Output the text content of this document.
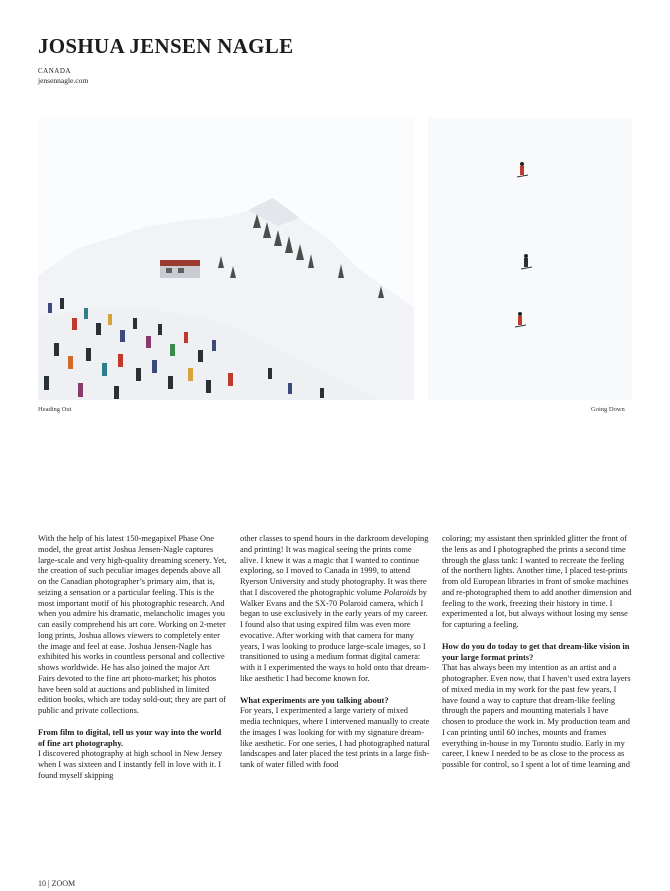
JOSHUA JENSEN NAGLE
CANADA
jensennagle.com
Heading Out	Going Down

With the help of his latest 150-megapixel Phase One model, the great artist Joshua Jensen-Nagle captures large-scale and very high-quality dreaming scenery. Yet, the creation of such peculiar images depends above all on the Canadian photographer’s primary aim, that is, seizing a sensation or a particular feeling. This is the most important motif of his photographic research. And when you admire his dramatic, melancholic images you can easily comprehend his art core. Working on 2-meter long prints, Joshua allows viewers to completely enter the image and feel at ease. Joshua Jensen-Nagle has exhibited his works in countless personal and collective shows worldwide. He has also joined the major Art Fairs devoted to the fine art photo-market; his photos have been sold at auctions and published in limited edition books, which are today sold-out; they are part of public and private collections.

From film to digital, tell us your way into the world of fine art photography.

I discovered photography at high school in New Jersey when I was sixteen and I instantly fell in love with it. I found myself skipping

other classes to spend hours in the darkroom developing and printing! It was magical seeing the prints come alive. I knew it was a magic that I wanted to continue exploring, so I moved to Canada in 1999, to attend Ryerson University and study photography. It was there that I discovered the photographic volume Polaroids by Walker Evans and the SX-70 Polaroid camera, which I began to use exclusively in the early years of my career. I found also that using expired film was even more evocative. After working with that camera for many years, I was looking to produce large-scale images, so I transitioned to using a medium format digital camera: with it I experimented the ways to hold onto that dream-like aesthetic I had become known for.

What experiments are you talking about?

For years, I experimented a large variety of mixed media techniques, where I intervened manually to create the images I was looking for with my signature dream-like aesthetic. For one series, I had photographed natural landscapes and later placed the test prints in a large fish-tank of water filled with food

coloring; my assistant then sprinkled glitter the front of the lens as and I photographed the prints a second time through the glass tank: I wanted to recreate the feeling of the northern lights. Another time, I placed test-prints from old European libraries in front of smoke machines and re-photographed them to add another dimension and feeling to the work, freezing their history in time. I experimented a lot, but always without losing my sense for capturing a feeling.

How do you do today to get that dream-like vision in your large format prints?

That has always been my intention as an artist and a photographer. Even now, that I haven’t used extra layers of mixed media in my work for the past few years, I have found a way to capture that dream-like feeling through the papers and mounting materials I have chosen to produce the work in. My production team and I can printing until 60 inches, mounts and frames everything in-house in my Toronto studio. Early in my career, I knew I needed to be as close to the process as possible for control, so I spent a lot of time learning and

10 | ZOOM
